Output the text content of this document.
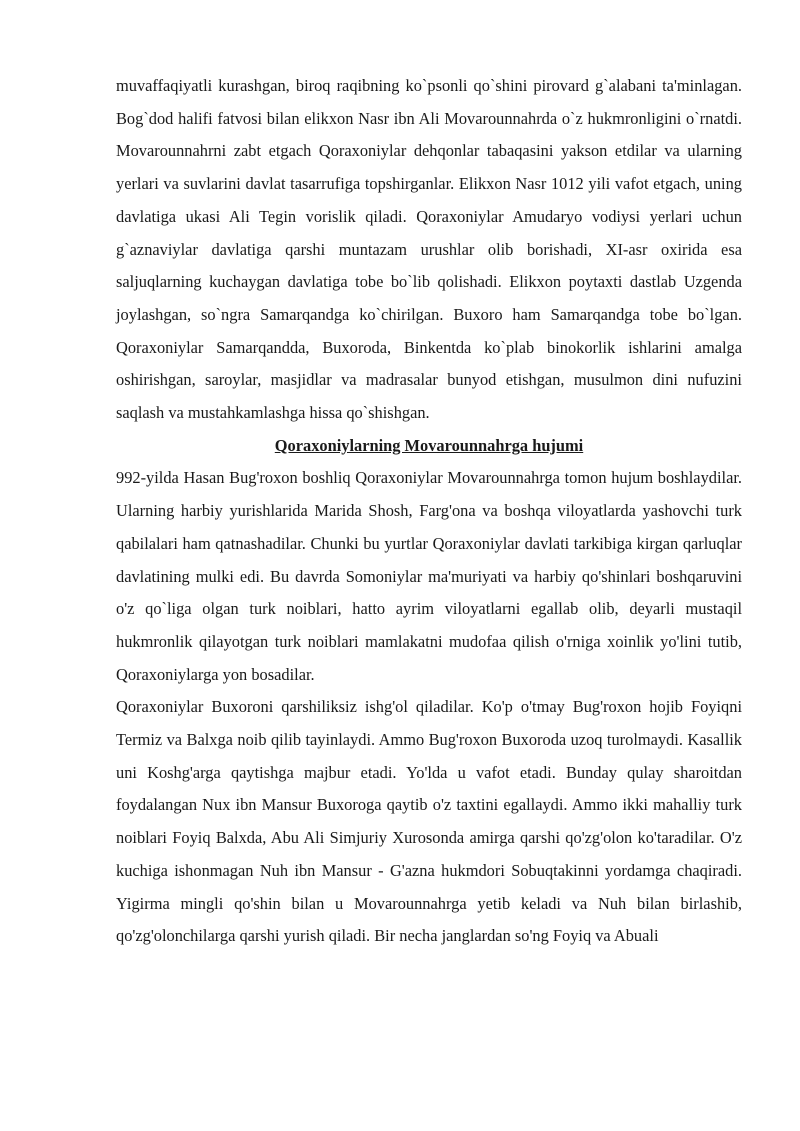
muvaffaqiyatli kurashgan, biroq raqibning ko`psonli qo`shini pirovard g`alabani ta'minlagan. Bog`dod halifi fatvosi bilan elikxon Nasr ibn Ali Movarounnahrda o`z hukmronligini o`rnatdi. Movarounnahrni zabt etgach Qoraxoniylar dehqonlar tabaqasini yakson etdilar va ularning yerlari va suvlarini davlat tasarrufiga topshirganlar. Elikxon Nasr 1012 yili vafot etgach, uning davlatiga ukasi Ali Tegin vorislik qiladi. Qoraxoniylar Amudaryo vodiysi yerlari uchun g`aznaviylar davlatiga qarshi muntazam urushlar olib borishadi, XI-asr oxirida esa saljuqlarning kuchaygan davlatiga tobe bo`lib qolishadi. Elikxon poytaxti dastlab Uzgenda joylashgan, so`ngra Samarqandga ko`chirilgan. Buxoro ham Samarqandga tobe bo`lgan. Qoraxoniylar Samarqandda, Buxoroda, Binkentda ko`plab binokorlik ishlarini amalga oshirishgan, saroylar, masjidlar va madrasalar bunyod etishgan, musulmon dini nufuzini saqlash va mustahkamlashga hissa qo`shishgan.

Qoraxoniylarning Movarounnahrga hujumi

992-yilda Hasan Bug'roxon boshliq Qoraxoniylar Movarounnahrga tomon hujum boshlaydilar. Ularning harbiy yurishlarida Marida Shosh, Farg'ona va boshqa viloyatlarda yashovchi turk qabilalari ham qatnashadilar. Chunki bu yurtlar Qoraxoniylar davlati tarkibiga kirgan qarluqlar davlatining mulki edi. Bu davrda Somoniylar ma'muriyati va harbiy qo'shinlari boshqaruvini o'z qo`liga olgan turk noiblari, hatto ayrim viloyatlarni egallab olib, deyarli mustaqil hukmronlik qilayotgan turk noiblari mamlakatni mudofaa qilish o'rniga xoinlik yo'lini tutib, Qoraxoniylarga yon bosadilar.

Qoraxoniylar Buxoroni qarshiliksiz ishg'ol qiladilar. Ko'p o'tmay Bug'roxon hojib Foyiqni Termiz va Balxga noib qilib tayinlaydi. Ammo Bug'roxon Buxoroda uzoq turolmaydi. Kasallik uni Koshg'arga qaytishga majbur etadi. Yo'lda u vafot etadi. Bunday qulay sharoitdan foydalangan Nux ibn Mansur Buxoroga qaytib o'z taxtini egallaydi. Ammo ikki mahalliy turk noiblari Foyiq Balxda, Abu Ali Simjuriy Xurosonda amirga qarshi qo'zg'olon ko'taradilar. O'z kuchiga ishonmagan Nuh ibn Mansur - G'azna hukmdori Sobuqtakinni yordamga chaqiradi. Yigirma mingli qo'shin bilan u Movarounnahrga yetib keladi va Nuh bilan birlashib, qo'zg'olonchilarga qarshi yurish qiladi. Bir necha janglardan so'ng Foyiq va Abuali
